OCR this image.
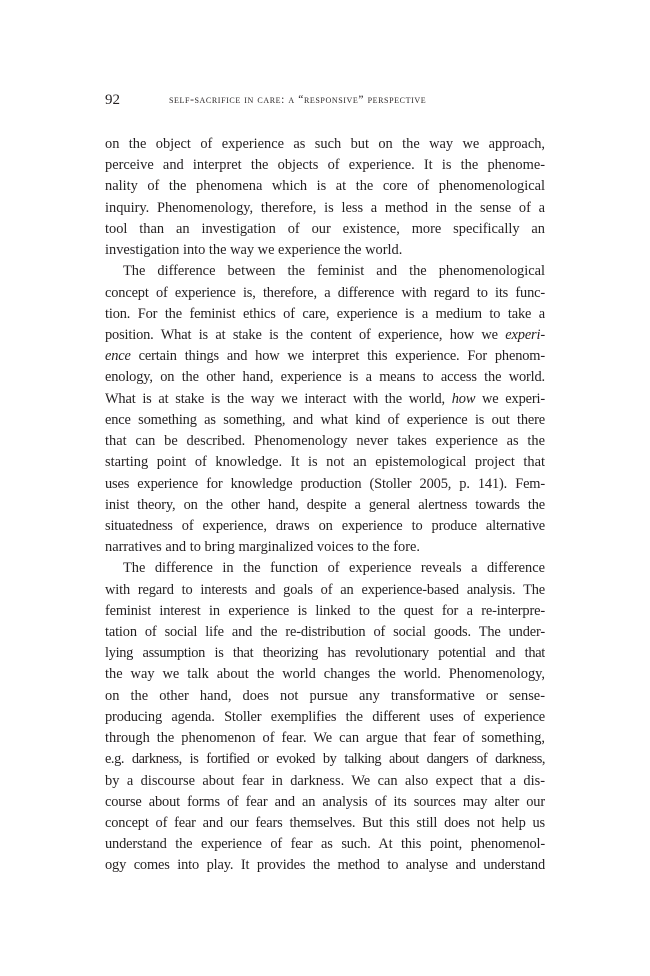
92	self-sacrifice in care: a “responsive” perspective
on the object of experience as such but on the way we approach,
perceive and interpret the objects of experience. It is the phenome-
nality of the phenomena which is at the core of phenomenological
inquiry. Phenomenology, therefore, is less a method in the sense of a
tool than an investigation of our existence, more specifically an
investigation into the way we experience the world.
The difference between the feminist and the phenomenological
concept of experience is, therefore, a difference with regard to its func-
tion. For the feminist ethics of care, experience is a medium to take a
position. What is at stake is the content of experience, how we experi-
ence certain things and how we interpret this experience. For phenom-
enology, on the other hand, experience is a means to access the world.
What is at stake is the way we interact with the world, how we experi-
ence something as something, and what kind of experience is out there
that can be described. Phenomenology never takes experience as the
starting point of knowledge. It is not an epistemological project that
uses experience for knowledge production (Stoller 2005, p. 141). Fem-
inist theory, on the other hand, despite a general alertness towards the
situatedness of experience, draws on experience to produce alternative
narratives and to bring marginalized voices to the fore.
The difference in the function of experience reveals a difference
with regard to interests and goals of an experience-based analysis. The
feminist interest in experience is linked to the quest for a re-interpre-
tation of social life and the re-distribution of social goods. The under-
lying assumption is that theorizing has revolutionary potential and that
the way we talk about the world changes the world. Phenomenology,
on the other hand, does not pursue any transformative or sense-
producing agenda. Stoller exemplifies the different uses of experience
through the phenomenon of fear. We can argue that fear of something,
e.g. darkness, is fortified or evoked by talking about dangers of darkness,
by a discourse about fear in darkness. We can also expect that a dis-
course about forms of fear and an analysis of its sources may alter our
concept of fear and our fears themselves. But this still does not help us
understand the experience of fear as such. At this point, phenomenol-
ogy comes into play. It provides the method to analyse and understand
